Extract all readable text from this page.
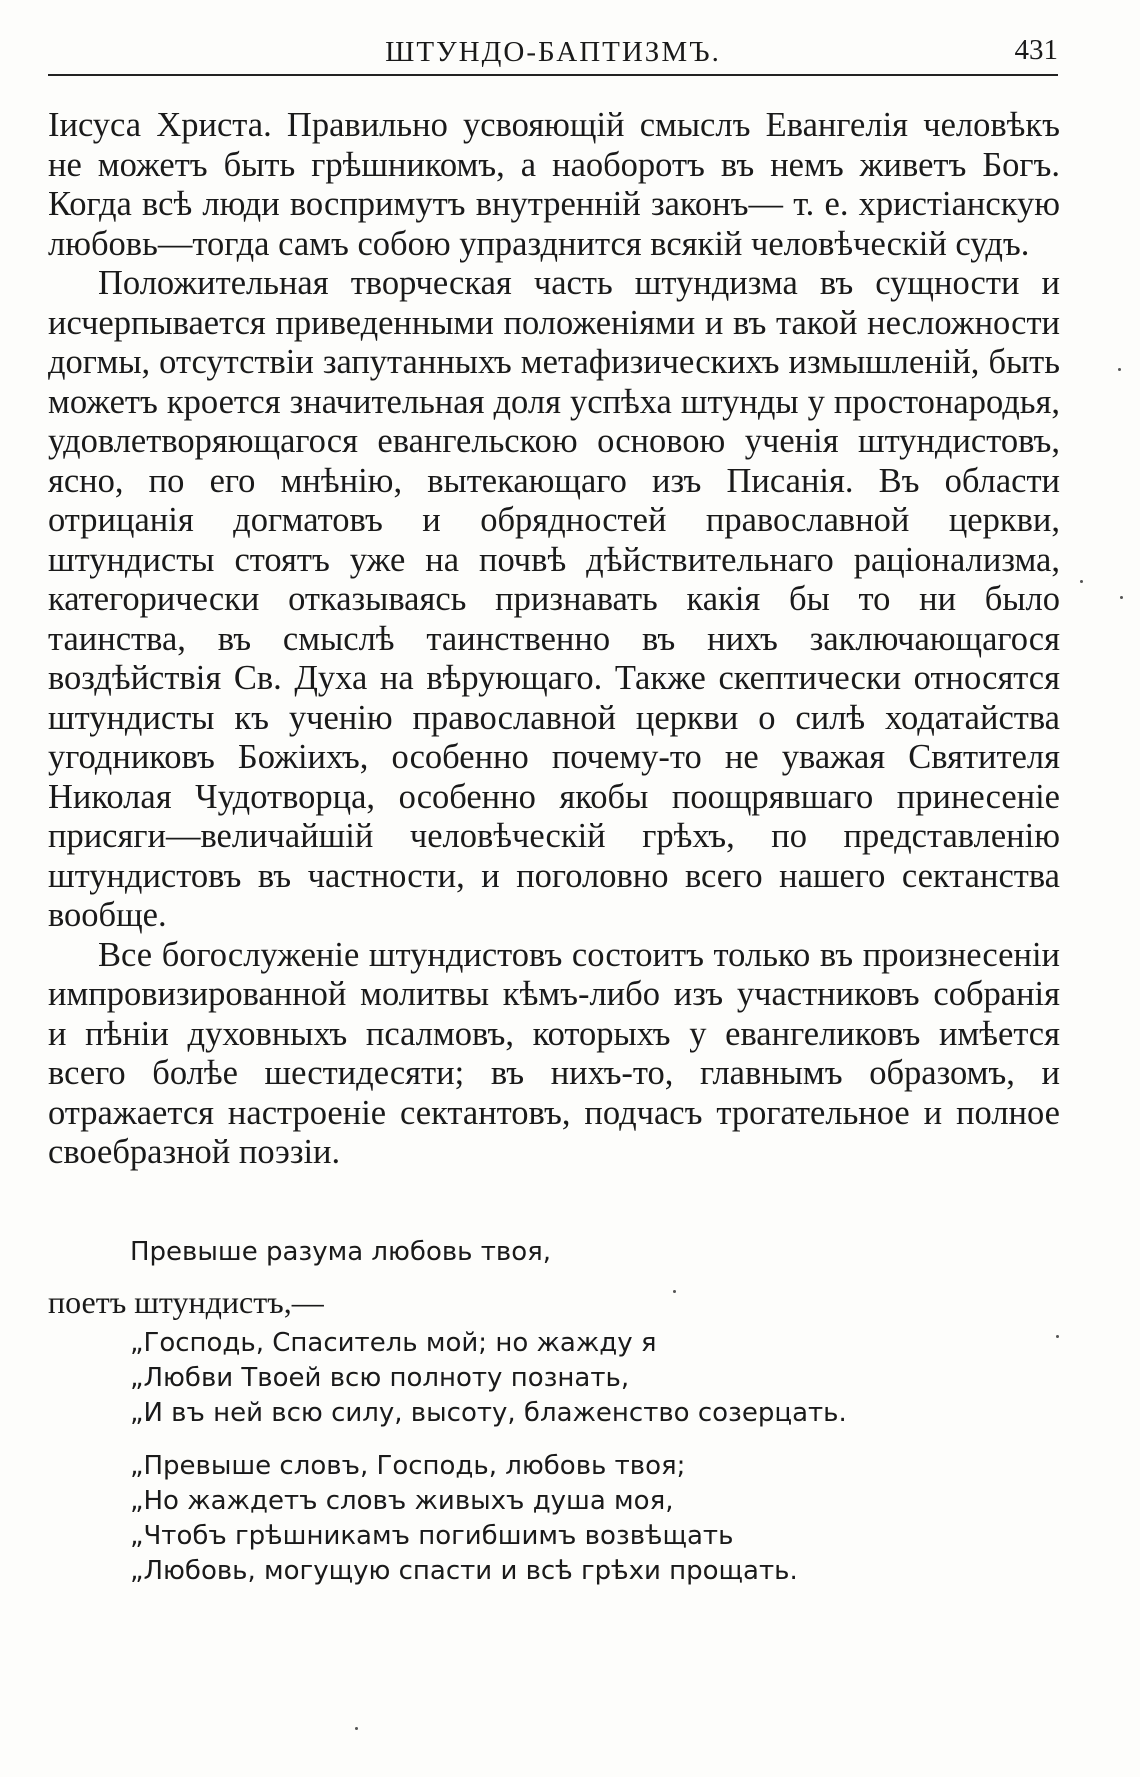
ШТУНДО-БАПТИЗМЪ.	431

Іисуса Христа. Правильно усвояющій смыслъ Евангелія человѣкъ не можетъ быть грѣшникомъ, а наоборотъ въ немъ живетъ Богъ. Когда всѣ люди воспримутъ внутренній законъ— т. е. христіанскую любовь—тогда самъ собою упразднится всякій человѣческій судъ.

Положительная творческая часть штундизма въ сущности и исчерпывается приведенными положеніями и въ такой несложности догмы, отсутствіи запутанныхъ метафизическихъ измышленій, быть можетъ кроется значительная доля успѣха штунды у простонародья, удовлетворяющагося евангельскою основою ученія штундистовъ, ясно, по его мнѣнію, вытекающаго изъ Писанія. Въ области отрицанія догматовъ и обрядностей православной церкви, штундисты стоятъ уже на почвѣ дѣйствительнаго раціонализма, категорически отказываясь признавать какія бы то ни было таинства, въ смыслѣ таинственно въ нихъ заключающагося воздѣйствія Св. Духа на вѣрующаго. Также скептически относятся штундисты къ ученію православной церкви о силѣ ходатайства угодниковъ Божіихъ, особенно почему-то не уважая Святителя Николая Чудотворца, особенно якобы поощрявшаго принесеніе присяги—величайшій человѣческій грѣхъ, по представленію штундистовъ въ частности, и поголовно всего нашего сектанства вообще.

Все богослуженіе штундистовъ состоитъ только въ произнесеніи импровизированной молитвы кѣмъ-либо изъ участниковъ собранія и пѣніи духовныхъ псалмовъ, которыхъ у евангеликовъ имѣется всего болѣе шестидесяти; въ нихъ-то, главнымъ образомъ, и отражается настроеніе сектантовъ, подчасъ трогательное и полное своебразной поэзіи.

Превыше разума любовь твоя,

поетъ штундистъ,—

„Господь, Спаситель мой; но жажду я
„Любви Твоей всю полноту познать,
„И въ ней всю силу, высоту, блаженство созерцать.
„Превыше словъ, Господь, любовь твоя;
„Но жаждетъ словъ живыхъ душа моя,
„Чтобъ грѣшникамъ погибшимъ возвѣщать
„Любовь, могущую спасти и всѣ грѣхи прощать.
